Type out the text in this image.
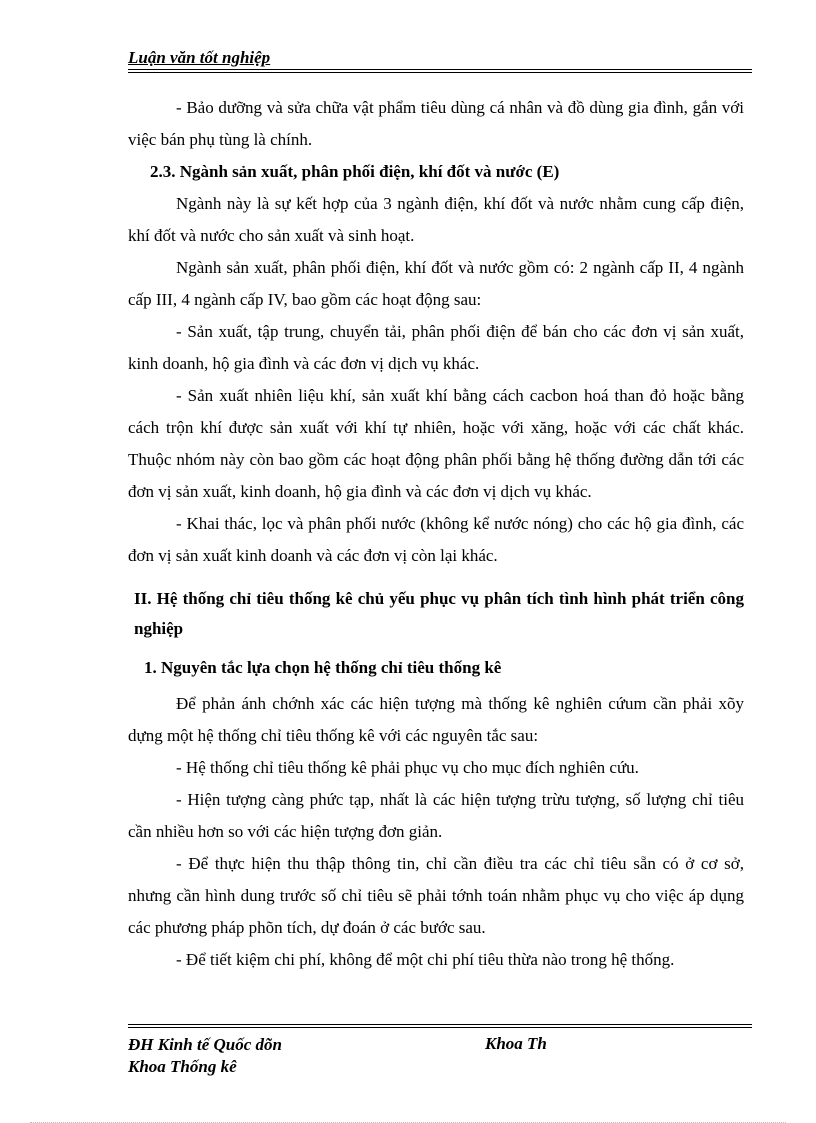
Luận văn tốt nghiệp

- Bảo dưỡng và sửa chữa vật phẩm tiêu dùng cá nhân và đồ dùng gia đình, gắn với việc bán phụ tùng là chính.

2.3. Ngành sản xuất, phân phối điện, khí đốt và nước (E)

Ngành này là sự kết hợp của 3 ngành điện, khí đốt và nước nhằm cung cấp điện, khí đốt và nước cho sản xuất và sinh hoạt.

Ngành sản xuất, phân phối điện, khí đốt và nước gồm có: 2 ngành cấp II, 4 ngành cấp III, 4 ngành cấp IV, bao gồm các hoạt động sau:

- Sản xuất, tập trung, chuyển tải, phân phối điện để bán cho các đơn vị sản xuất, kinh doanh, hộ gia đình và các đơn vị dịch vụ khác.

- Sản xuất nhiên liệu khí, sản xuất khí bằng cách cacbon hoá than đỏ hoặc bằng cách trộn khí được sản xuất với khí tự nhiên, hoặc với xăng, hoặc với các chất khác. Thuộc nhóm này còn bao gồm các hoạt động phân phối bằng hệ thống đường dẫn tới các đơn vị sản xuất, kinh doanh, hộ gia đình và các đơn vị dịch vụ khác.

- Khai thác, lọc và phân phối nước (không kể nước nóng) cho các hộ gia đình, các đơn vị sản xuất kinh doanh và các đơn vị còn lại khác.

II. Hệ thống chỉ tiêu thống kê chủ yếu phục vụ phân tích tình hình phát triển công nghiệp

1. Nguyên tắc lựa chọn hệ thống chỉ tiêu thống kê

Để phản ánh chớnh xác các hiện tượng mà thống kê nghiên cứum cần phải xõy dựng một hệ thống chỉ tiêu thống kê với các nguyên tắc sau:

- Hệ thống chỉ tiêu thống kê phải phục vụ cho mục đích nghiên cứu.

- Hiện tượng càng phức tạp, nhất là các hiện tượng trừu tượng, số lượng chỉ tiêu cần nhiều hơn so với các hiện tượng đơn giản.

- Để thực hiện thu thập thông tin, chỉ cần điều tra các chỉ tiêu sẵn có ở cơ sở, nhưng cần hình dung trước số chỉ tiêu sẽ phải tớnh toán nhằm phục vụ cho việc áp dụng các phương pháp phõn tích, dự đoán ở các bước sau.

- Để tiết kiệm chi phí, không để một chi phí tiêu thừa nào trong hệ thống.

ĐH Kinh tế Quốc dõn
Khoa Thống kê
Khoa Th
